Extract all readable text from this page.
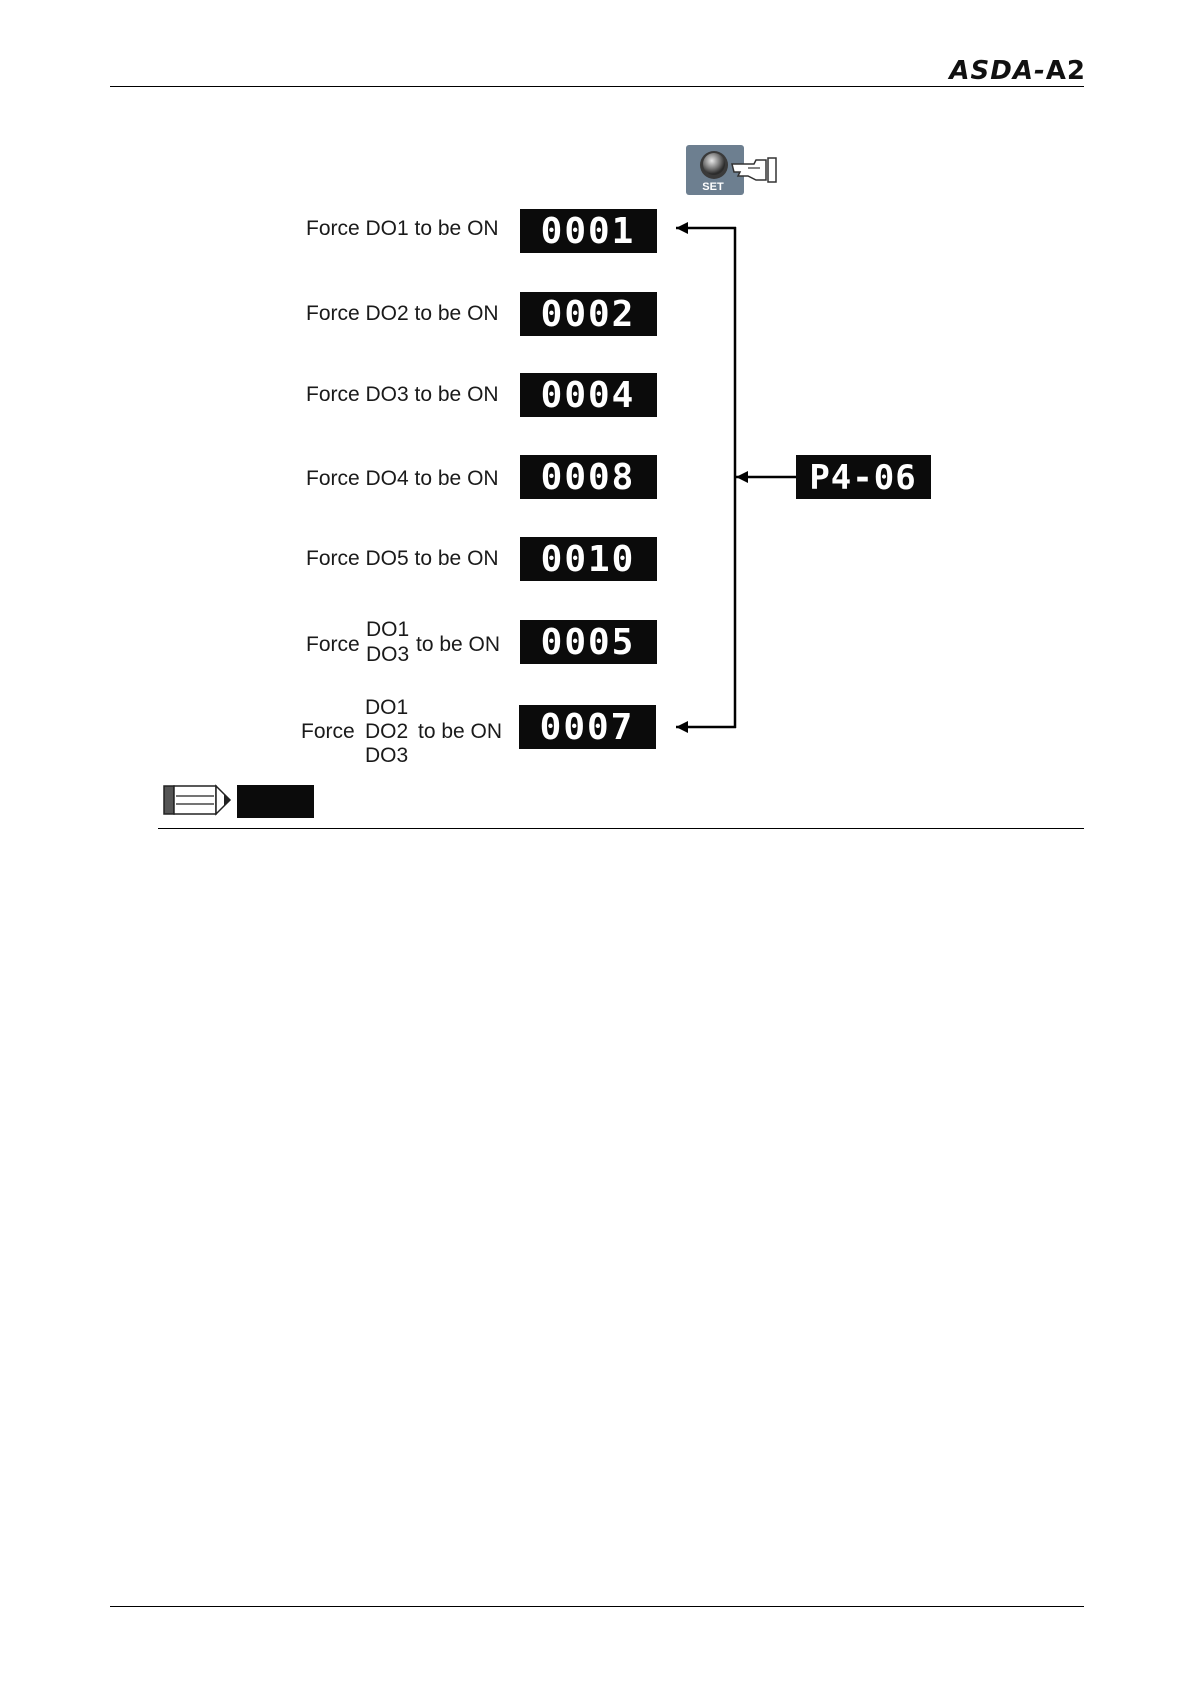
ASDA-A2
SET
Force DO1 to be ON 0001
Force DO2 to be ON 0002
Force DO3 to be ON 0004
Force DO4 to be ON 0008
Force DO5 to be ON 0010
Force
DO1
DO3 to be ON 0005
DO1
Force DO2 to be ON
DO3
0007
P4-06
